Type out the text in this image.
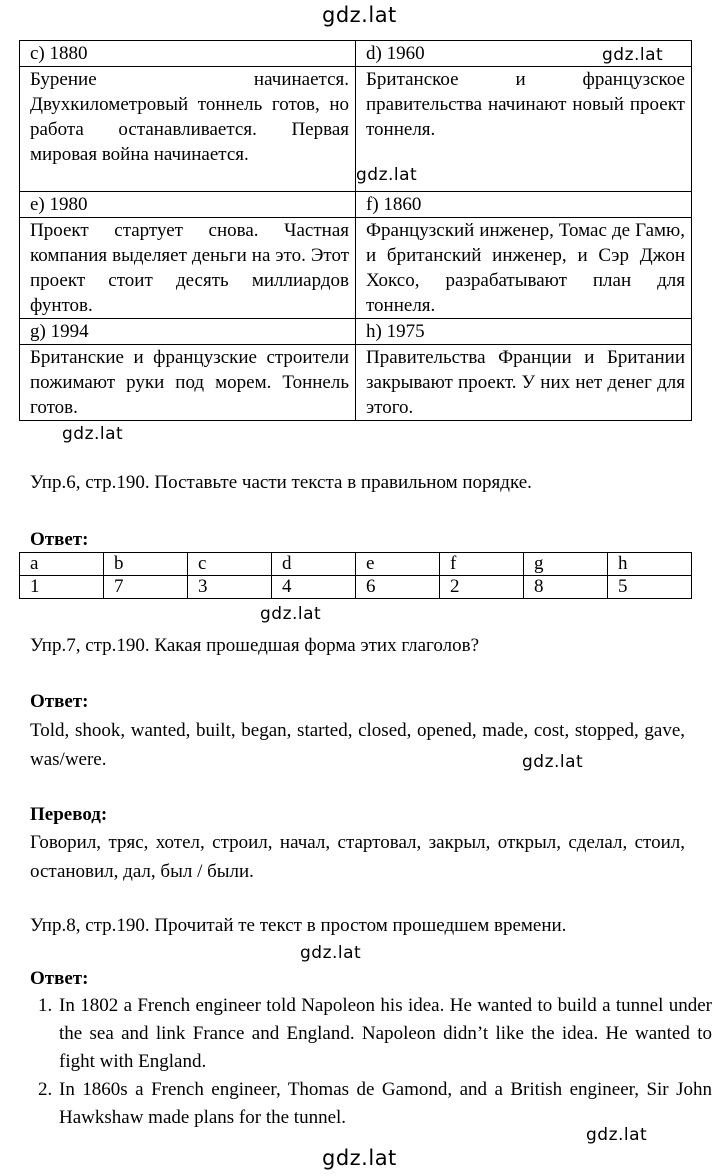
gdz.lat
gdz.lat
gdz.lat
gdz.lat
gdz.lat
gdz.lat
gdz.lat
gdz.lat
gdz.lat
c) 1880	d) 1960
Бурение начинается. Двухкилометровый тоннель готов, но работа останавливается. Первая мировая война начинается.	Британское и французское правительства начинают новый проект тоннеля.
e) 1980	f) 1860
Проект стартует снова. Частная компания выделяет деньги на это. Этот проект стоит десять миллиардов фунтов.	Французский инженер, Томас де Гамю, и британский инженер, и Сэр Джон Хоксо, разрабатывают план для тоннеля.
g) 1994	h) 1975
Британские и французские строители пожимают руки под морем. Тоннель готов.	Правительства Франции и Британии закрывают проект. У них нет денег для этого.
Упр.6, стр.190. Поставьте части текста в правильном порядке.
Ответ:
a	b	c	d	e	f	g	h
1	7	3	4	6	2	8	5
Упр.7, стр.190. Какая прошедшая форма этих глаголов?
Ответ:
Told, shook, wanted, built, began, started, closed, opened, made, cost, stopped, gave, was/were.
Перевод:
Говорил, тряс, хотел, строил, начал, стартовал, закрыл, открыл, сделал, стоил, остановил, дал, был / были.
Упр.8, стр.190. Прочитай те текст в простом прошедшем времени.
Ответ:
1. In 1802 a French engineer told Napoleon his idea. He wanted to build a tunnel under the sea and link France and England. Napoleon didn’t like the idea. He wanted to fight with England.
2. In 1860s a French engineer, Thomas de Gamond, and a British engineer, Sir John Hawkshaw made plans for the tunnel.
